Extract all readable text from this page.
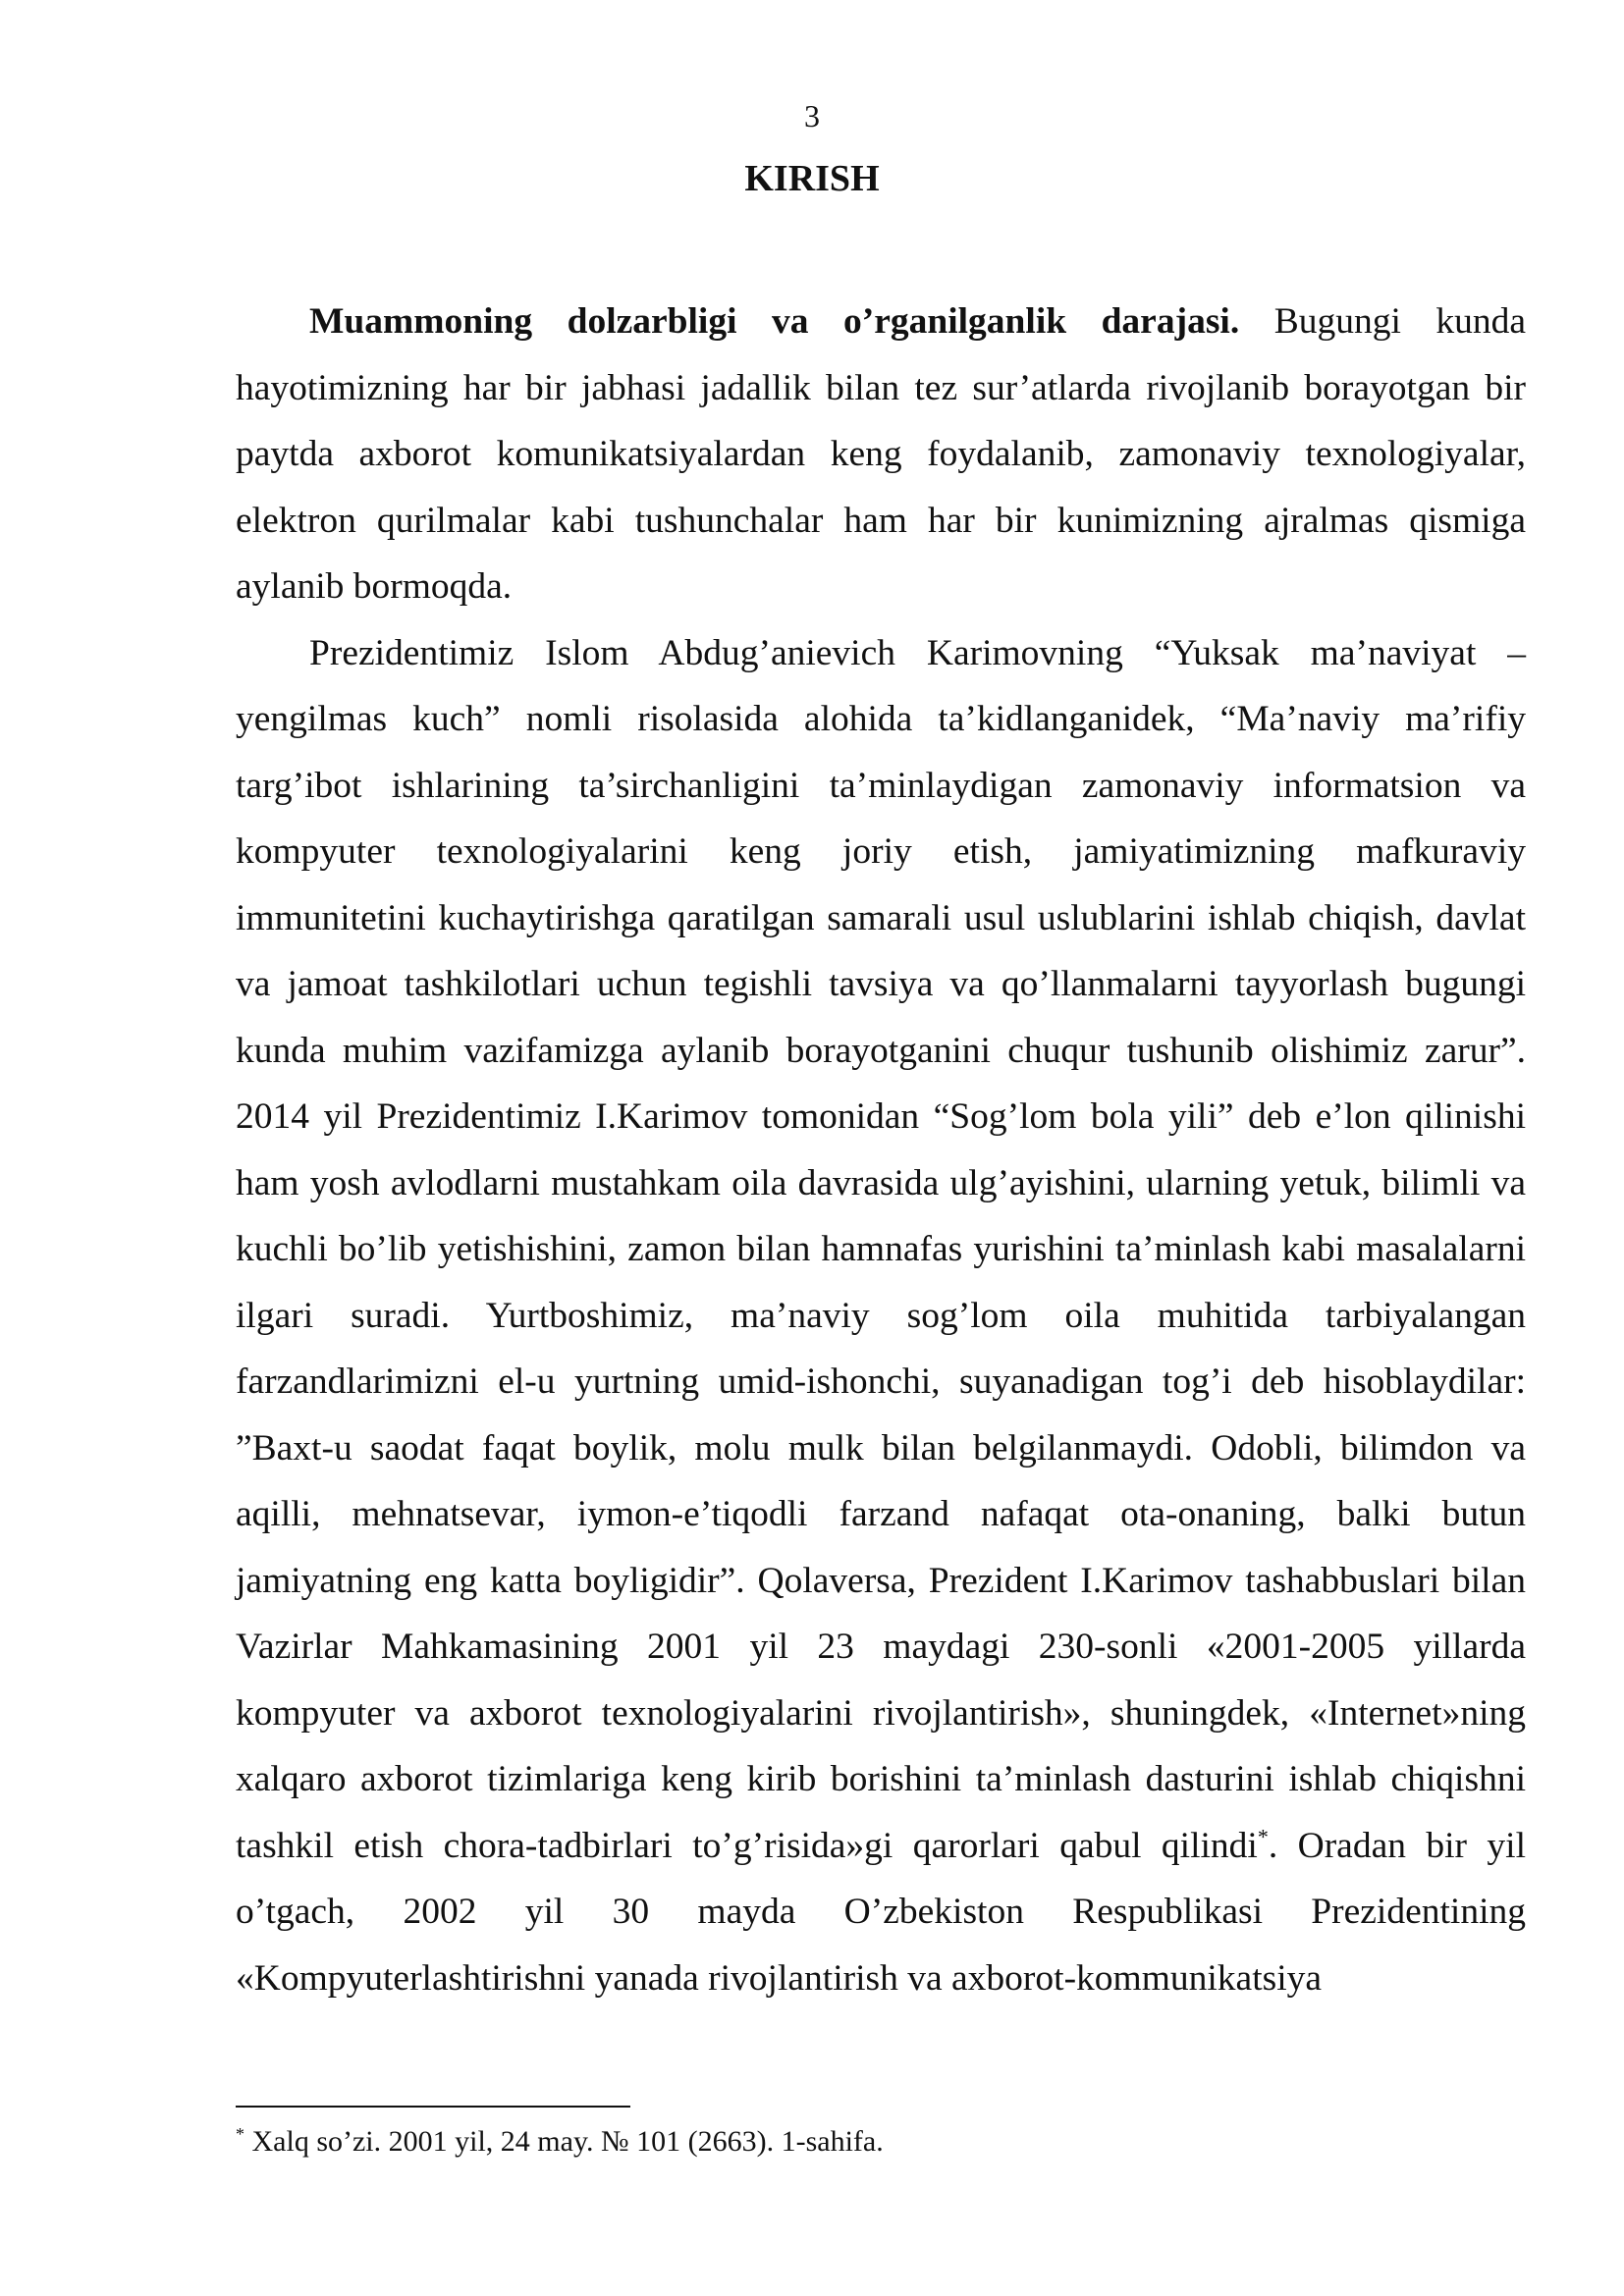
3
KIRISH

Muammoning dolzarbligi va o’rganilganlik darajasi. Bugungi kunda hayotimizning har bir jabhasi jadallik bilan tez sur’atlarda rivojlanib borayotgan bir paytda axborot komunikatsiyalardan keng foydalanib, zamonaviy texnologiyalar, elektron qurilmalar kabi tushunchalar ham har bir kunimizning ajralmas qismiga aylanib bormoqda.

Prezidentimiz Islom Abdug’anievich Karimovning “Yuksak ma’naviyat – yengilmas kuch” nomli risolasida alohida ta’kidlanganidek, “Ma’naviy ma’rifiy targ’ibot ishlarining ta’sirchanligini ta’minlaydigan zamonaviy informatsion va kompyuter texnologiyalarini keng joriy etish, jamiyatimizning mafkuraviy immunitetini kuchaytirishga qaratilgan samarali usul uslublarini ishlab chiqish, davlat va jamoat tashkilotlari uchun tegishli tavsiya va qo’llanmalarni tayyorlash bugungi kunda muhim vazifamizga aylanib borayotganini chuqur tushunib olishimiz zarur”. 2014 yil Prezidentimiz I.Karimov tomonidan “Sog’lom bola yili” deb e’lon qilinishi ham yosh avlodlarni mustahkam oila davrasida ulg’ayishini, ularning yetuk, bilimli va kuchli bo’lib yetishishini, zamon bilan hamnafas yurishini ta’minlash kabi masalalarni ilgari suradi. Yurtboshimiz, ma’naviy sog’lom oila muhitida tarbiyalangan farzandlarimizni el-u yurtning umid-ishonchi, suyanadigan tog’i deb hisoblaydilar: ”Baxt-u saodat faqat boylik, molu mulk bilan belgilanmaydi. Odobli, bilimdon va aqilli, mehnatsevar, iymon-e’tiqodli farzand nafaqat ota-onaning, balki butun jamiyatning eng katta boyligidir”. Qolaversa, Prezident I.Karimov tashabbuslari bilan Vazirlar Mahkamasining 2001 yil 23 maydagi 230-sonli «2001-2005 yillarda kompyuter va axborot texnologiyalarini rivojlantirish», shuningdek, «Internet»ning xalqaro axborot tizimlariga keng kirib borishini ta’minlash dasturini ishlab chiqishni tashkil etish chora-tadbirlari to’g’risida»gi qarorlari qabul qilindi*. Oradan bir yil o’tgach, 2002 yil 30 mayda O’zbekiston Respublikasi Prezidentining «Kompyuterlashtirishni yanada rivojlantirish va axborot-kommunikatsiya

* Xalq so’zi. 2001 yil, 24 may. № 101 (2663). 1-sahifa.
